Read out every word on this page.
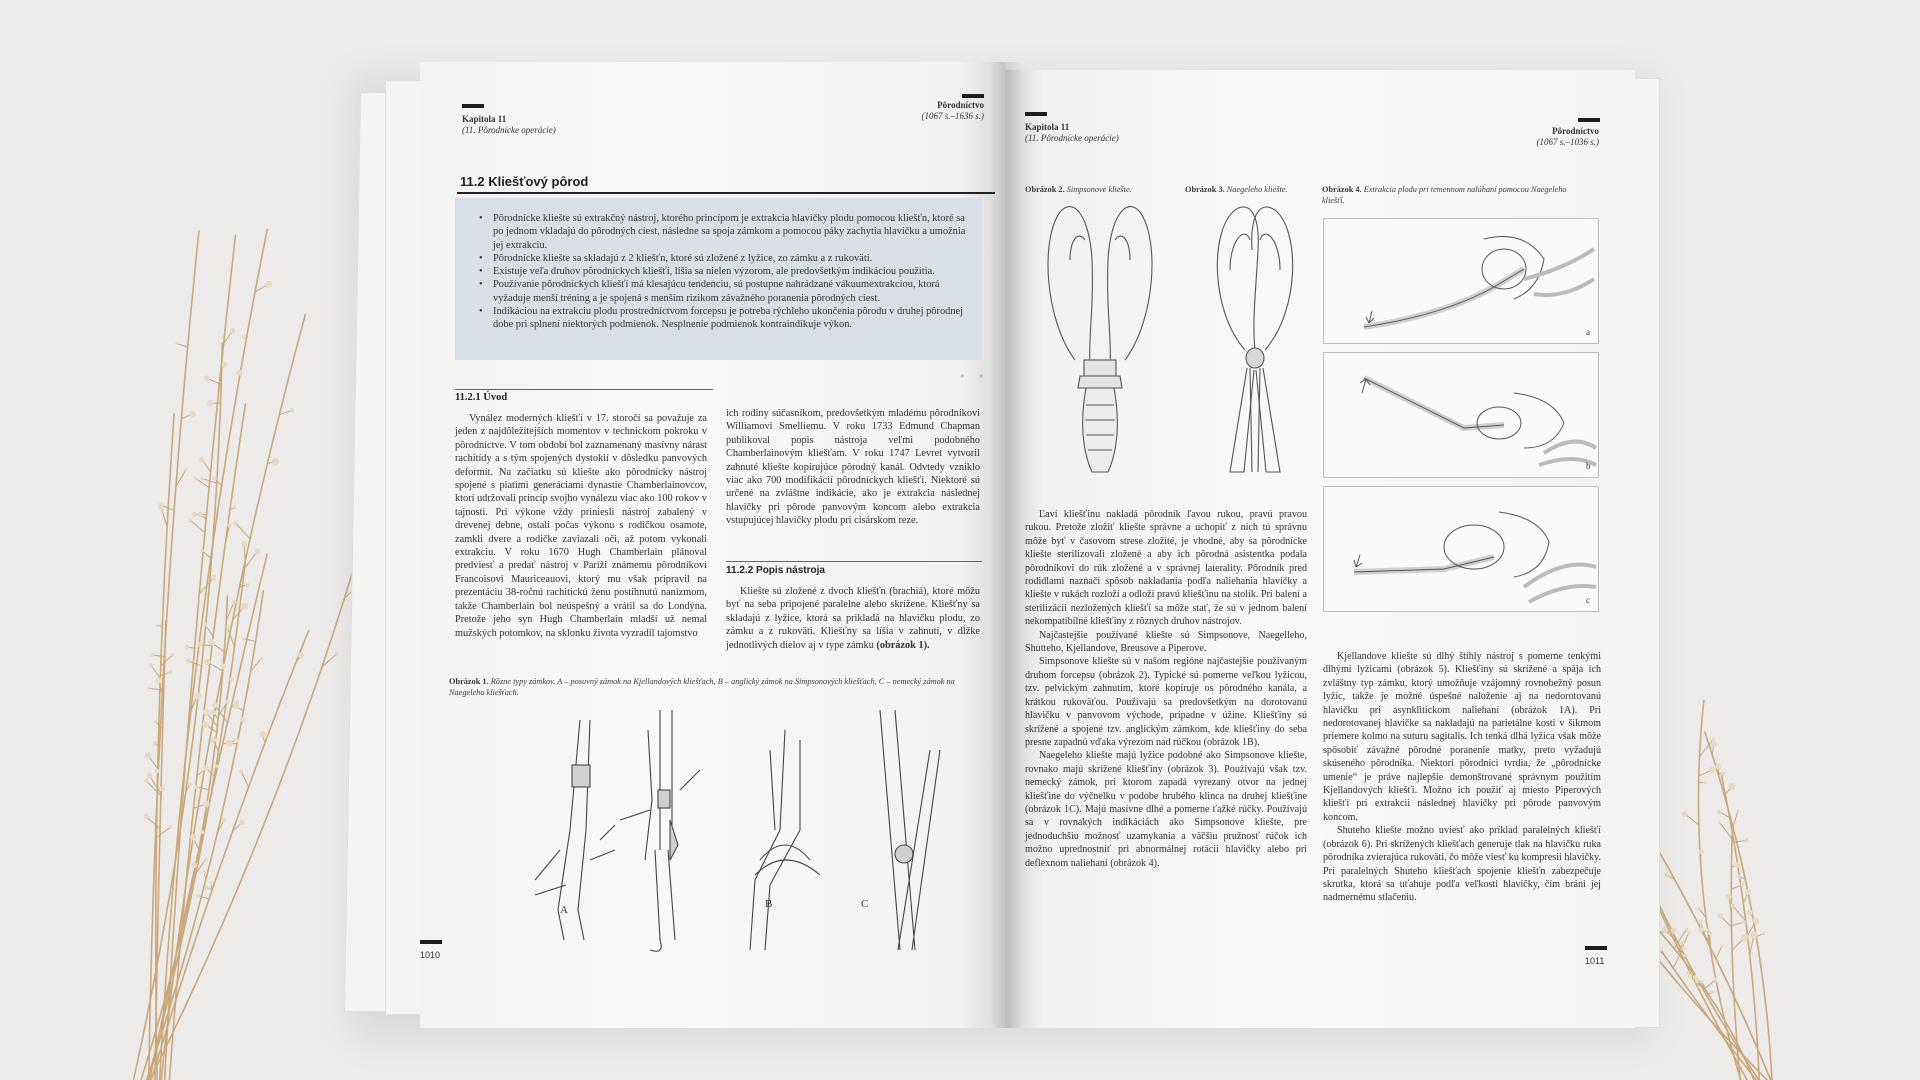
Kapitola 11
(11. Pôrodnícke operácie)
Pôrodníctvo
(1067 s.–1636 s.)
11.2 Kliešťový pôrod
• Pôrodnícke kliešte sú extrakčný nástroj, ktorého princípom je extrakcia hlavičky plodu pomocou kliešťn, ktoré sa po jednom vkladajú do pôrodných ciest, následne sa spoja zámkom a pomocou páky zachytia hlavičku a umožnia jej extrakciu.
• Pôrodnícke kliešte sa skladajú z 2 kliešťn, ktoré sú zložené z lyžice, zo zámku a z rukoväti.
• Existuje veľa druhov pôrodníckych kliešťí, líšia sa nielen výzorom, ale predovšetkým indikáciou použitia.
• Používanie pôrodníckych kliešťí má klesajúcu tendenciu, sú postupne nahrádzané vákuumextrakciou, ktorá vyžaduje menší tréning a je spojená s menším rizikom závažného poranenia pôrodných ciest.
• Indikáciou na extrakciu plodu prostredníctvom forcepsu je potreba rýchleho ukončenia pôrodu v druhej pôrodnej dobe pri splnení niektorých podmienok. Nesplnenie podmienok kontraindikuje výkon.
● ●
11.2.1 Úvod

Vynález moderných kliešťí v 17. storočí sa považuje za jeden z najdôležitejších momentov v technickom pokroku v pôrodníctve. V tom období bol zaznamenaný masívny nárast rachitídy a s tým spojených dystokií v dôsledku panvových deformít. Na začiatku sú kliešte ako pôrodnícky nástroj spojené s piatimi generáciami dynastie Chamberlainovcov, ktorí udržovali princíp svojho vynálezu viac ako 100 rokov v tajnosti. Pri výkone vždy priniesli nástroj zabalený v drevenej debne, ostali počas výkonu s rodičkou osamote, zamkli dvere a rodičke zaviazali oči, až potom vykonali extrakciu. V roku 1670 Hugh Chamberlain plánoval predviesť a predať nástroj v Paríži známemu pôrodníkovi Francoisovi Mauriceauovi, ktorý mu však pripravil na prezentáciu 38-ročnú rachitickú ženu postihnutú nanizmom, takže Chamberlain bol neúspešný a vrátil sa do Londýna. Pretože jeho syn Hugh Chamberlain mladší už nemal mužských potomkov, na sklonku života vyzradil tajomstvo

ich rodiny súčasníkom, predovšetkým mladému pôrodníkovi Williamovi Smelliemu. V roku 1733 Edmund Chapman publikoval popis nástroja veľmi podobného Chamberlainovým kliešťam. V roku 1747 Levret vytvoril zahnuté kliešte kopírujúce pôrodný kanál. Odvtedy vzniklo viac ako 700 modifikácií pôrodníckych kliešťí. Niektoré sú určené na zvláštne indikácie, ako je extrakcia následnej hlavičky pri pôrode panvovým koncom alebo extrakcia vstupujúcej hlavičky plodu pri cisárskom reze.

11.2.2 Popis nástroja

Kliešte sú zložené z dvoch kliešťn (brachiá), ktoré môžu byť na seba pripojené paralelne alebo skrížene. Kliešťny sa skladajú z lyžice, ktorá sa prikladá na hlavičku plodu, zo zámku a z rukoväti. Kliešťny sa líšia v zahnutí, v dĺžke jednotlivých dielov aj v type zámku (obrázok 1).

Obrázok 1. Rôzne typy zámkov. A – posuvný zámok na Kjellandových kliešťach, B – anglický zámok na Simpsonových kliešťach, C – nemecký zámok na Naegeleho kliešťach.
A	B	C
1010
Kapitola 11
(11. Pôrodnícke operácie)
Pôrodníctvo
(1067 s.–1036 s.)
Obrázok 2. Simpsonove kliešte.	Obrázok 3. Naegeleho kliešte.	Obrázok 4. Extrakcia plodu pri temennom nalúhaní pomocou Naegeleho kliešťí.
a
b
c

Ľaví kliešťinu nakladá pôrodník ľavou rukou, pravú pravou rukou. Pretože zložiť kliešte správne a uchopiť z nich tú správnu môže byť v časovom strese zložité, je vhodné, aby sa pôrodnícke kliešte sterilizovali zložené a aby ich pôrodná asistentka podala pôrodníkovi do rúk zložené a v správnej laterality. Pôrodník pred rodidlami naznačí spôsob nakladania podľa naliehania hlavičky a kliešte v rukách rozloží a odloží pravú kliešťinu na stolík. Pri balení a sterilizácii nezložených kliešťí sa môže stať, že sú v jednom balení nekompatibilné kliešťiny z rôznych druhov nástrojov.

Najčastejšie používané kliešte sú Simpsonove, Naegelleho, Shutteho, Kjellandove, Breusove a Piperove.

Simpsonove kliešte sú v našom regióne najčastejšie používaným druhom forcepsu (obrázok 2). Typické sú pomerne veľkou lyžicou, tzv. pelvickým zahnutím, ktoré kopíruje os pôrodného kanála, a krátkou rukoväťou. Používajú sa predovšetkým na dorotovanú hlavičku v panvovom východe, prípadne v úžine. Kliešťiny sú skrížené a spojené tzv. anglickým zámkom, kde kliešťiny do seba presne zapadnú vďaka výrezom nad rúčkou (obrázok 1B).

Naegeleho kliešte majú lyžice podobné ako Simpsonove kliešte, rovnako majú skrížené kliešťiny (obrázok 3). Používajú však tzv. nemecký zámok, pri ktorom zapadá vyrezaný otvor na jednej kliešťine do výčnelku v podobe hrubého klinca na druhej kliešťine (obrázok 1C). Majú masívne dlhé a pomerne ťažké rúčky. Používajú sa v rovnakých indikáciách ako Simpsonove kliešte, pre jednoduchšiu možnosť uzamykania a väčšiu pružnosť rúčok ich možno uprednostniť pri abnormálnej rotácii hlavičky alebo pri deflexnom naliehaní (obrázok 4).

Kjellandove kliešte sú dlhý štíhly nástroj s pomerne tenkými dlhými lyžicami (obrázok 5). Kliešťiny sú skrížené a spája ich zvláštny typ zámku, ktorý umožňuje vzájomný rovnobežný posun lyžíc, takže je možné úspešné naloženie aj na nedorotovanú hlavičku pri asynklitickom naliehaní (obrázok 1A). Pri nedorotovanej hlavičke sa nakladajú na parietálne kosti v šikmom priemere kolmo na suturu sagitalis. Ich tenká dlhá lyžica však môže spôsobiť závažné pôrodné poranenie matky, preto vyžadujú skúseného pôrodníka. Niektorí pôrodníci tvrdia, že „pôrodnícke umenie“ je práve najlepšie demonštrované správnym použitím Kjellandových kliešťí. Možno ich použiť aj miesto Piperových kliešťí pri extrakcii následnej hlavičky pri pôrode panvovým koncom.

Shuteho kliešte možno uviesť ako príklad paralelných kliešťí (obrázok 6). Pri skrížených kliešťach generuje tlak na hlavičku ruka pôrodníka zvierajúca rukoväti, čo môže viesť ku kompresii hlavičky. Pri paralelných Shuteho kliešťach spojenie kliešťn zabezpečuje skrutka, ktorá sa uťahuje podľa veľkosti hlavičky, čím bráni jej nadmernému stlačeniu.

1011
